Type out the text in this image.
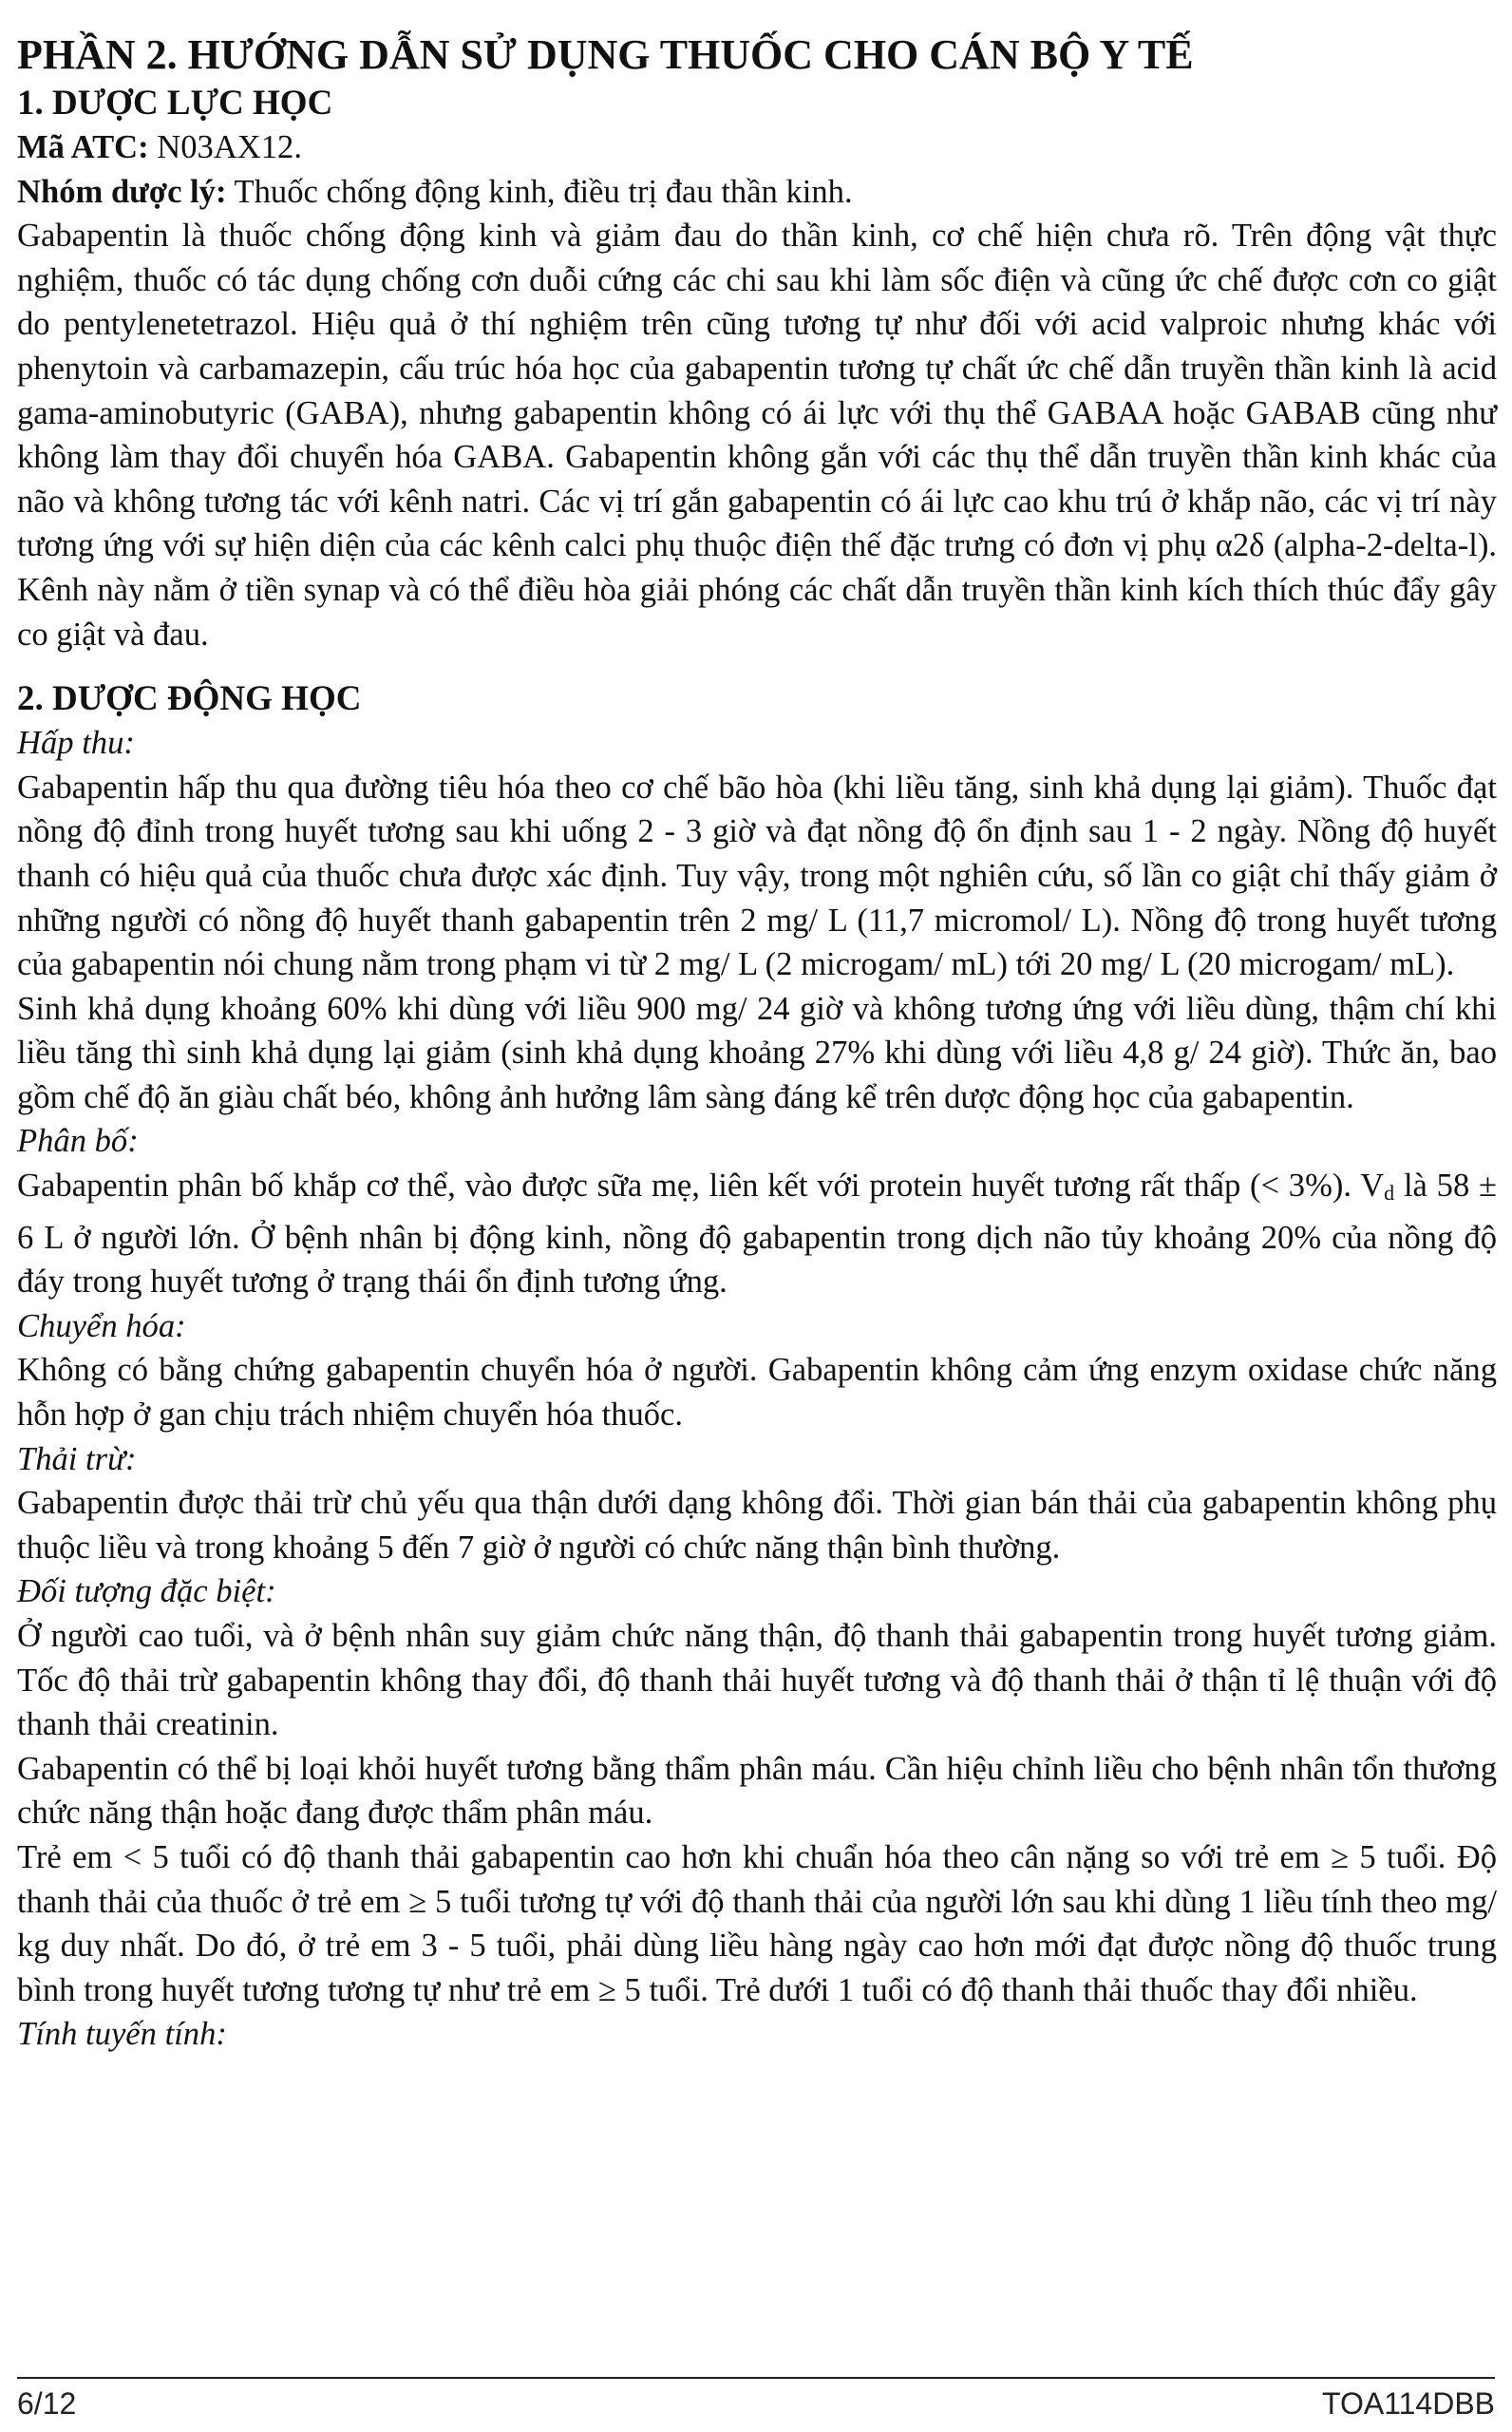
PHẦN 2. HƯỚNG DẪN SỬ DỤNG THUỐC CHO CÁN BỘ Y TẾ
1. DƯỢC LỰC HỌC

Mã ATC: N03AX12.

Nhóm dược lý: Thuốc chống động kinh, điều trị đau thần kinh.

Gabapentin là thuốc chống động kinh và giảm đau do thần kinh, cơ chế hiện chưa rõ. Trên động vật thực nghiệm, thuốc có tác dụng chống cơn duỗi cứng các chi sau khi làm sốc điện và cũng ức chế được cơn co giật do pentylenetetrazol. Hiệu quả ở thí nghiệm trên cũng tương tự như đối với acid valproic nhưng khác với phenytoin và carbamazepin, cấu trúc hóa học của gabapentin tương tự chất ức chế dẫn truyền thần kinh là acid gama-aminobutyric (GABA), nhưng gabapentin không có ái lực với thụ thể GABAA hoặc GABAB cũng như không làm thay đổi chuyển hóa GABA. Gabapentin không gắn với các thụ thể dẫn truyền thần kinh khác của não và không tương tác với kênh natri. Các vị trí gắn gabapentin có ái lực cao khu trú ở khắp não, các vị trí này tương ứng với sự hiện diện của các kênh calci phụ thuộc điện thế đặc trưng có đơn vị phụ α2δ (alpha-2-delta-l). Kênh này nằm ở tiền synap và có thể điều hòa giải phóng các chất dẫn truyền thần kinh kích thích thúc đẩy gây co giật và đau.

2. DƯỢC ĐỘNG HỌC

Hấp thu:

Gabapentin hấp thu qua đường tiêu hóa theo cơ chế bão hòa (khi liều tăng, sinh khả dụng lại giảm). Thuốc đạt nồng độ đỉnh trong huyết tương sau khi uống 2 - 3 giờ và đạt nồng độ ổn định sau 1 - 2 ngày. Nồng độ huyết thanh có hiệu quả của thuốc chưa được xác định. Tuy vậy, trong một nghiên cứu, số lần co giật chỉ thấy giảm ở những người có nồng độ huyết thanh gabapentin trên 2 mg/ L (11,7 micromol/ L). Nồng độ trong huyết tương của gabapentin nói chung nằm trong phạm vi từ 2 mg/ L (2 microgam/ mL) tới 20 mg/ L (20 microgam/ mL).

Sinh khả dụng khoảng 60% khi dùng với liều 900 mg/ 24 giờ và không tương ứng với liều dùng, thậm chí khi liều tăng thì sinh khả dụng lại giảm (sinh khả dụng khoảng 27% khi dùng với liều 4,8 g/ 24 giờ). Thức ăn, bao gồm chế độ ăn giàu chất béo, không ảnh hưởng lâm sàng đáng kể trên dược động học của gabapentin.

Phân bố:

Gabapentin phân bố khắp cơ thể, vào được sữa mẹ, liên kết với protein huyết tương rất thấp (< 3%). $V_d$ là 58 ± 6 L ở người lớn. Ở bệnh nhân bị động kinh, nồng độ gabapentin trong dịch não tủy khoảng 20% của nồng độ đáy trong huyết tương ở trạng thái ổn định tương ứng.

Chuyển hóa:

Không có bằng chứng gabapentin chuyển hóa ở người. Gabapentin không cảm ứng enzym oxidase chức năng hỗn hợp ở gan chịu trách nhiệm chuyển hóa thuốc.

Thải trừ:

Gabapentin được thải trừ chủ yếu qua thận dưới dạng không đổi. Thời gian bán thải của gabapentin không phụ thuộc liều và trong khoảng 5 đến 7 giờ ở người có chức năng thận bình thường.

Đối tượng đặc biệt:

Ở người cao tuổi, và ở bệnh nhân suy giảm chức năng thận, độ thanh thải gabapentin trong huyết tương giảm. Tốc độ thải trừ gabapentin không thay đổi, độ thanh thải huyết tương và độ thanh thải ở thận tỉ lệ thuận với độ thanh thải creatinin.

Gabapentin có thể bị loại khỏi huyết tương bằng thẩm phân máu. Cần hiệu chỉnh liều cho bệnh nhân tổn thương chức năng thận hoặc đang được thẩm phân máu.

Trẻ em < 5 tuổi có độ thanh thải gabapentin cao hơn khi chuẩn hóa theo cân nặng so với trẻ em ≥ 5 tuổi. Độ thanh thải của thuốc ở trẻ em ≥ 5 tuổi tương tự với độ thanh thải của người lớn sau khi dùng 1 liều tính theo mg/ kg duy nhất. Do đó, ở trẻ em 3 - 5 tuổi, phải dùng liều hàng ngày cao hơn mới đạt được nồng độ thuốc trung bình trong huyết tương tương tự như trẻ em ≥ 5 tuổi. Trẻ dưới 1 tuổi có độ thanh thải thuốc thay đổi nhiều.

Tính tuyến tính:

6/12	TOA114DBB
